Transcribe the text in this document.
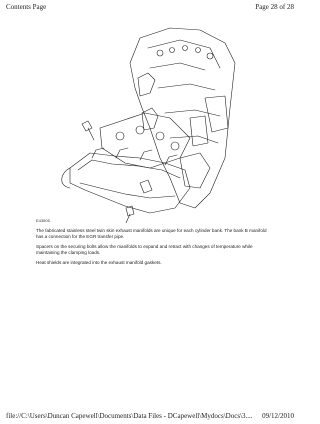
Contents Page	Page 28 of 28
E43505

The fabricated stainless steel twin skin exhaust manifolds are unique for each cylinder bank. The bank B manifold has a connection for the EGR transfer pipe.

Spacers on the securing bolts allow the manifolds to expand and retract with changes of temperature while maintaining the clamping loads.

Heat shields are integrated into the exhaust manifold gaskets.

file://C:\Users\Duncan Capewell\Documents\Data Files - DCapewell\Mydocs\Docs\3.... 09/12/2010
